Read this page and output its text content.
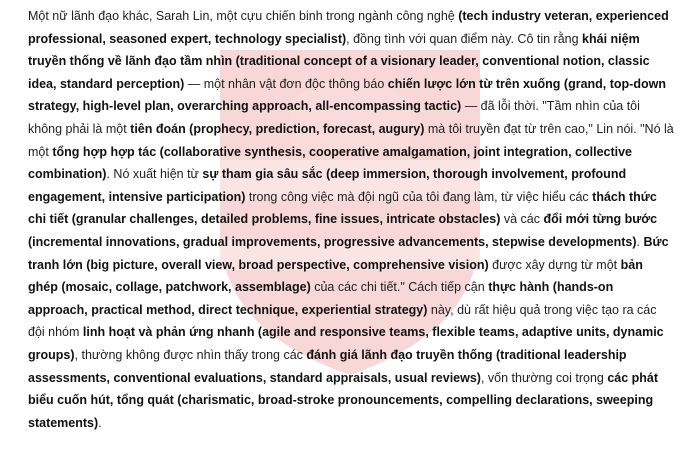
Một nữ lãnh đạo khác, Sarah Lin, một cựu chiến binh trong ngành công nghệ (tech industry veteran, experienced professional, seasoned expert, technology specialist), đồng tình với quan điểm này. Cô tin rằng khái niệm truyền thống về lãnh đạo tầm nhìn (traditional concept of a visionary leader, conventional notion, classic idea, standard perception) — một nhân vật đơn độc thông báo chiến lược lớn từ trên xuống (grand, top-down strategy, high-level plan, overarching approach, all-encompassing tactic) — đã lỗi thời. "Tầm nhìn của tôi không phải là một tiên đoán (prophecy, prediction, forecast, augury) mà tôi truyền đạt từ trên cao," Lin nói. "Nó là một tổng hợp hợp tác (collaborative synthesis, cooperative amalgamation, joint integration, collective combination). Nó xuất hiện từ sự tham gia sâu sắc (deep immersion, thorough involvement, profound engagement, intensive participation) trong công việc mà đội ngũ của tôi đang làm, từ việc hiểu các thách thức chi tiết (granular challenges, detailed problems, fine issues, intricate obstacles) và các đổi mới từng bước (incremental innovations, gradual improvements, progressive advancements, stepwise developments). Bức tranh lớn (big picture, overall view, broad perspective, comprehensive vision) được xây dựng từ một bản ghép (mosaic, collage, patchwork, assemblage) của các chi tiết." Cách tiếp cận thực hành (hands-on approach, practical method, direct technique, experiential strategy) này, dù rất hiệu quả trong việc tạo ra các đội nhóm linh hoạt và phản ứng nhanh (agile and responsive teams, flexible teams, adaptive units, dynamic groups), thường không được nhìn thấy trong các đánh giá lãnh đạo truyền thống (traditional leadership assessments, conventional evaluations, standard appraisals, usual reviews), vốn thường coi trọng các phát biểu cuốn hút, tổng quát (charismatic, broad-stroke pronouncements, compelling declarations, sweeping statements).
